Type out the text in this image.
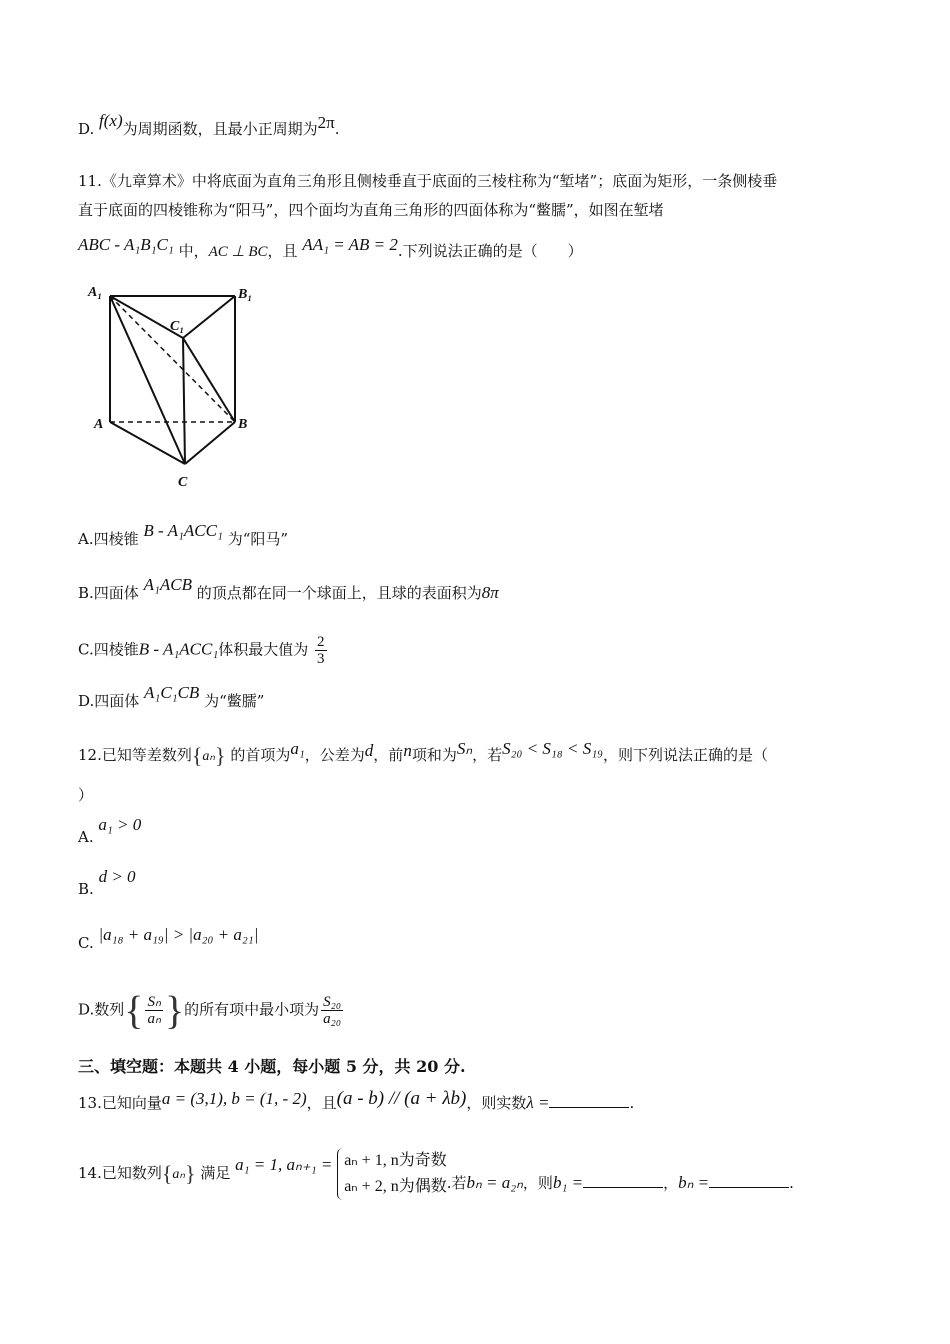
D. f(x)为周期函数，且最小正周期为2π.
11.《九章算术》中将底面为直角三角形且侧棱垂直于底面的三棱柱称为“堑堵”；底面为矩形，一条侧棱垂
直于底面的四棱锥称为“阳马”，四个面均为直角三角形的四面体称为“鳖臑”，如图在堑堵
ABC - A₁B₁C₁ 中，AC ⊥ BC，且 AA₁ = AB = 2.下列说法正确的是（　　）
A₁	B₁
C₁
A	B
C
A.四棱锥 B - A₁ACC₁ 为“阳马”
B.四面体 A₁ACB 的顶点都在同一个球面上，且球的表面积为8π
C.四棱锥B - A₁ACC₁体积最大值为 $\frac{2}{3}$
D.四面体 A₁C₁CB 为“鳖臑”
12.已知等差数列{aₙ} 的首项为a₁，公差为d，前n项和为Sₙ，若S₂₀ < S₁₈ < S₁₉，则下列说法正确的是（
）
A. a₁ > 0
B. d > 0
C. |a₁₈ + a₁₉| > |a₂₀ + a₂₁|
D.数列{ $\frac{\text{Sₙ}}{\text{aₙ}}$ }的所有项中最小项为 $\frac{\text{S₂₀}}{\text{a₂₀}}$
三、填空题：本题共 4 小题，每小题 5 分，共 20 分.
13.已知向量a = (3,1), b = (1, - 2)，且(a - b) // (a + λb)，则实数λ =	.
14.已知数列{aₙ} 满足 a₁ = 1, aₙ₊₁ = aₙ + 1, n为奇数
aₙ + 2, n为偶数 .若bₙ = a₂ₙ，则b₁ =	，bₙ =	.
